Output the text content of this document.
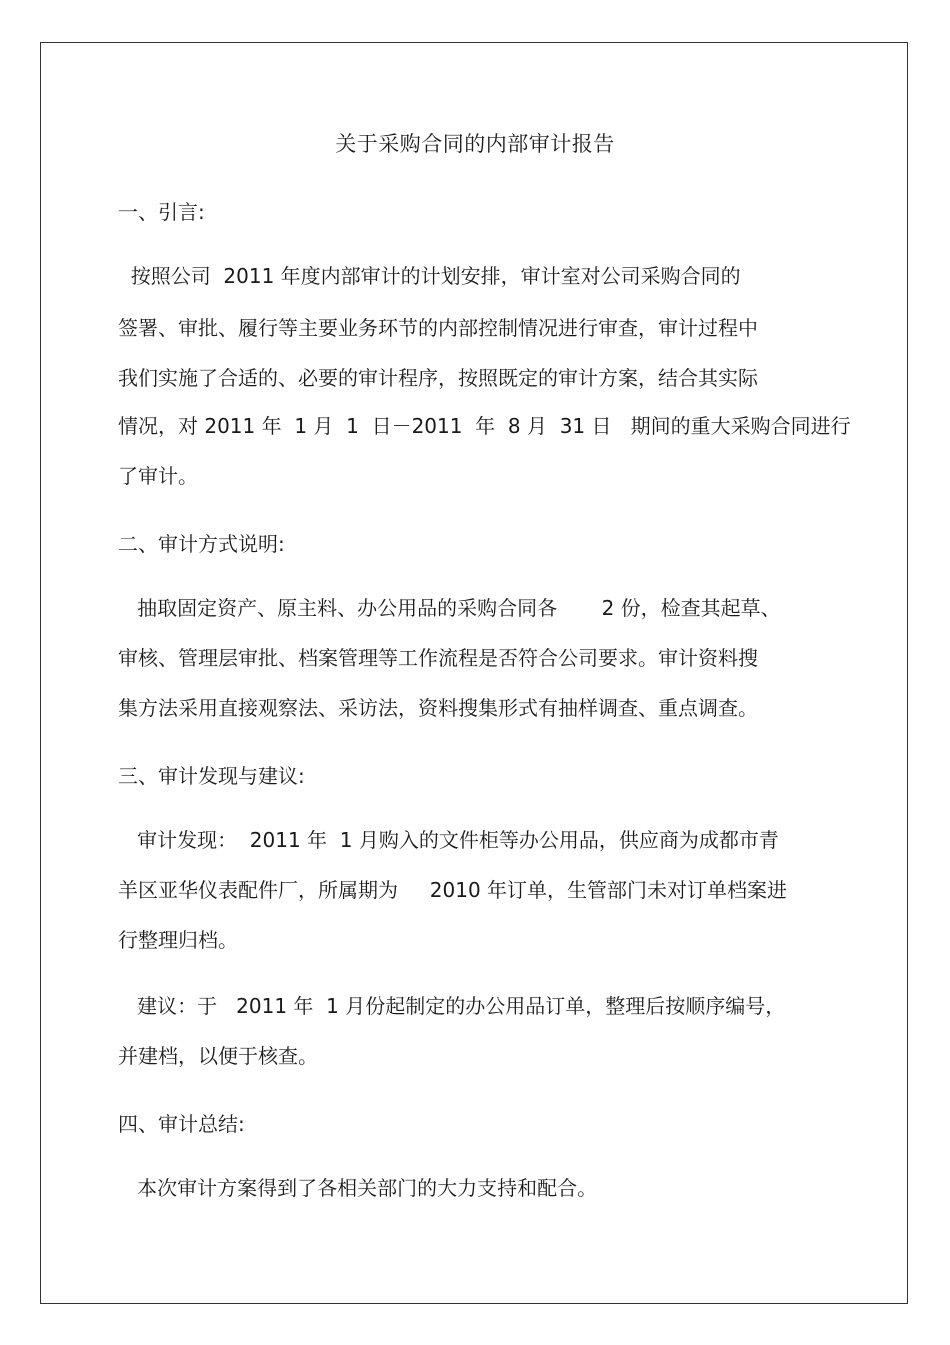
关于采购合同的内部审计报告

一、引言:

按照公司  2011 年度内部审计的计划安排，审计室对公司采购合同的

签署、审批、履行等主要业务环节的内部控制情况进行审查，审计过程中

我们实施了合适的、必要的审计程序，按照既定的审计方案，结合其实际

情况，对 2011 年  1 月  1  日－2011  年  8 月  31 日   期间的重大采购合同进行

了审计。

二、审计方式说明:

抽取固定资产、原主料、办公用品的采购合同各       2 份，检查其起草、

审核、管理层审批、档案管理等工作流程是否符合公司要求。审计资料搜

集方法采用直接观察法、采访法，资料搜集形式有抽样调查、重点调查。

三、审计发现与建议:

审计发现：  2011 年  1 月购入的文件柜等办公用品，供应商为成都市青

羊区亚华仪表配件厂，所属期为     2010 年订单，生管部门未对订单档案进

行整理归档。

建议：于   2011 年  1 月份起制定的办公用品订单，整理后按顺序编号，

并建档，以便于核查。

四、审计总结:

本次审计方案得到了各相关部门的大力支持和配合。
